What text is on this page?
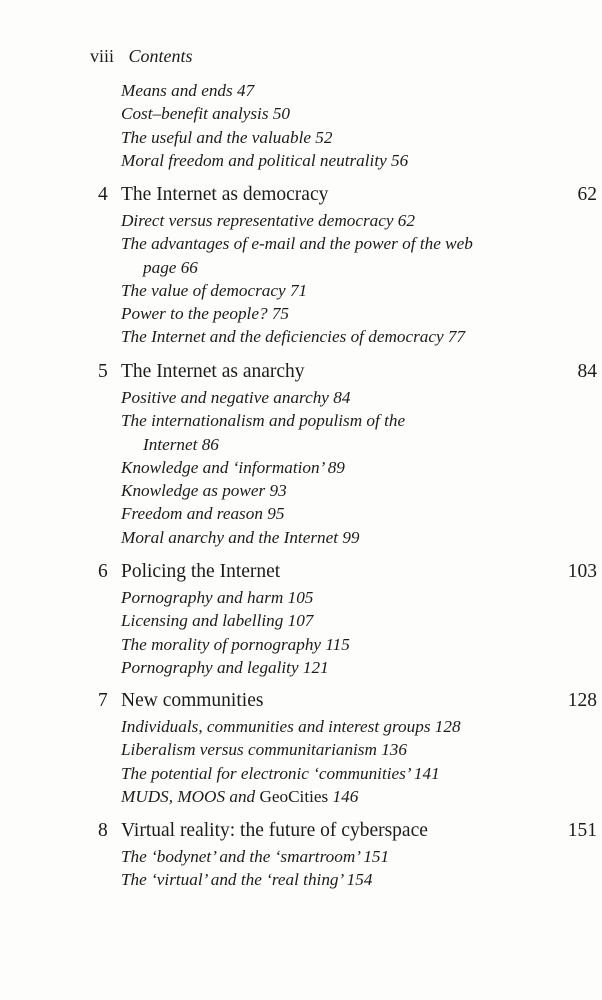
viii Contents
Means and ends 47
Cost–benefit analysis 50
The useful and the valuable 52
Moral freedom and political neutrality 56
4 The Internet as democracy	62
Direct versus representative democracy 62
The advantages of e-mail and the power of the web
page 66
The value of democracy 71
Power to the people? 75
The Internet and the deficiencies of democracy 77
5 The Internet as anarchy	84
Positive and negative anarchy 84
The internationalism and populism of the
Internet 86
Knowledge and ‘information’ 89
Knowledge as power 93
Freedom and reason 95
Moral anarchy and the Internet 99
6 Policing the Internet	103
Pornography and harm 105
Licensing and labelling 107
The morality of pornography 115
Pornography and legality 121
7 New communities	128
Individuals, communities and interest groups 128
Liberalism versus communitarianism 136
The potential for electronic ‘communities’ 141
MUDS, MOOS and GeoCities 146
8 Virtual reality: the future of cyberspace	151
The ‘bodynet’ and the ‘smartroom’ 151
The ‘virtual’ and the ‘real thing’ 154
